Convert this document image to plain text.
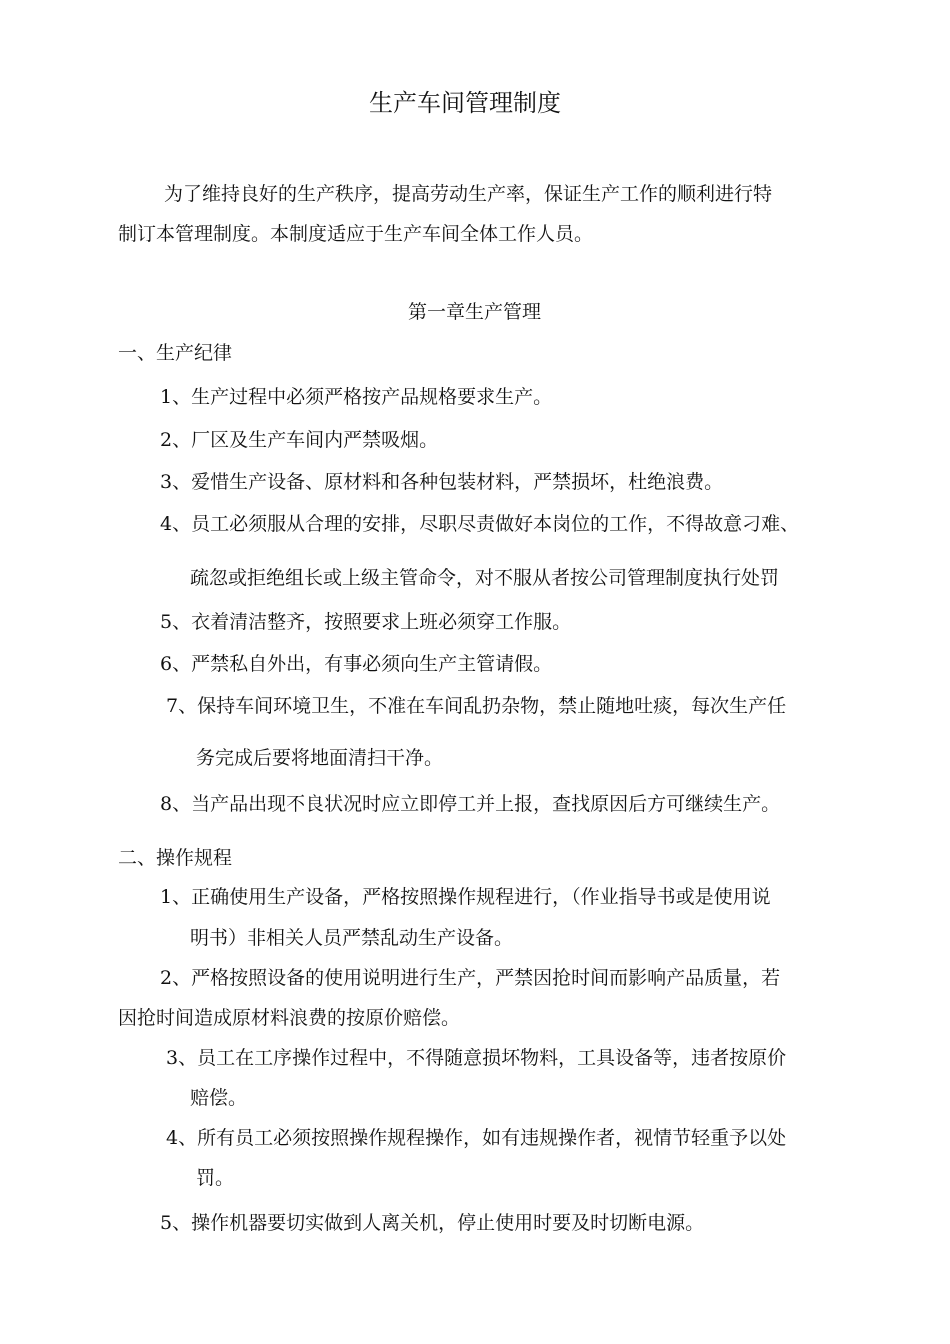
生产车间管理制度
为了维持良好的生产秩序，提高劳动生产率，保证生产工作的顺利进行特
制订本管理制度。本制度适应于生产车间全体工作人员。
第一章生产管理
一、生产纪律
1、生产过程中必须严格按产品规格要求生产。
2、厂区及生产车间内严禁吸烟。
3、爱惜生产设备、原材料和各种包装材料，严禁损坏，杜绝浪费。
4、员工必须服从合理的安排，尽职尽责做好本岗位的工作，不得故意刁难、
疏忽或拒绝组长或上级主管命令，对不服从者按公司管理制度执行处罚
5、衣着清洁整齐，按照要求上班必须穿工作服。
6、严禁私自外出，有事必须向生产主管请假。
7、保持车间环境卫生，不准在车间乱扔杂物，禁止随地吐痰，每次生产任
务完成后要将地面清扫干净。
8、当产品出现不良状况时应立即停工并上报，查找原因后方可继续生产。
二、操作规程
1、正确使用生产设备，严格按照操作规程进行，（作业指导书或是使用说
明书）非相关人员严禁乱动生产设备。
2、严格按照设备的使用说明进行生产，严禁因抢时间而影响产品质量，若
因抢时间造成原材料浪费的按原价赔偿。
3、员工在工序操作过程中，不得随意损坏物料，工具设备等，违者按原价
赔偿。
4、所有员工必须按照操作规程操作，如有违规操作者，视情节轻重予以处
罚。
5、操作机器要切实做到人离关机，停止使用时要及时切断电源。
